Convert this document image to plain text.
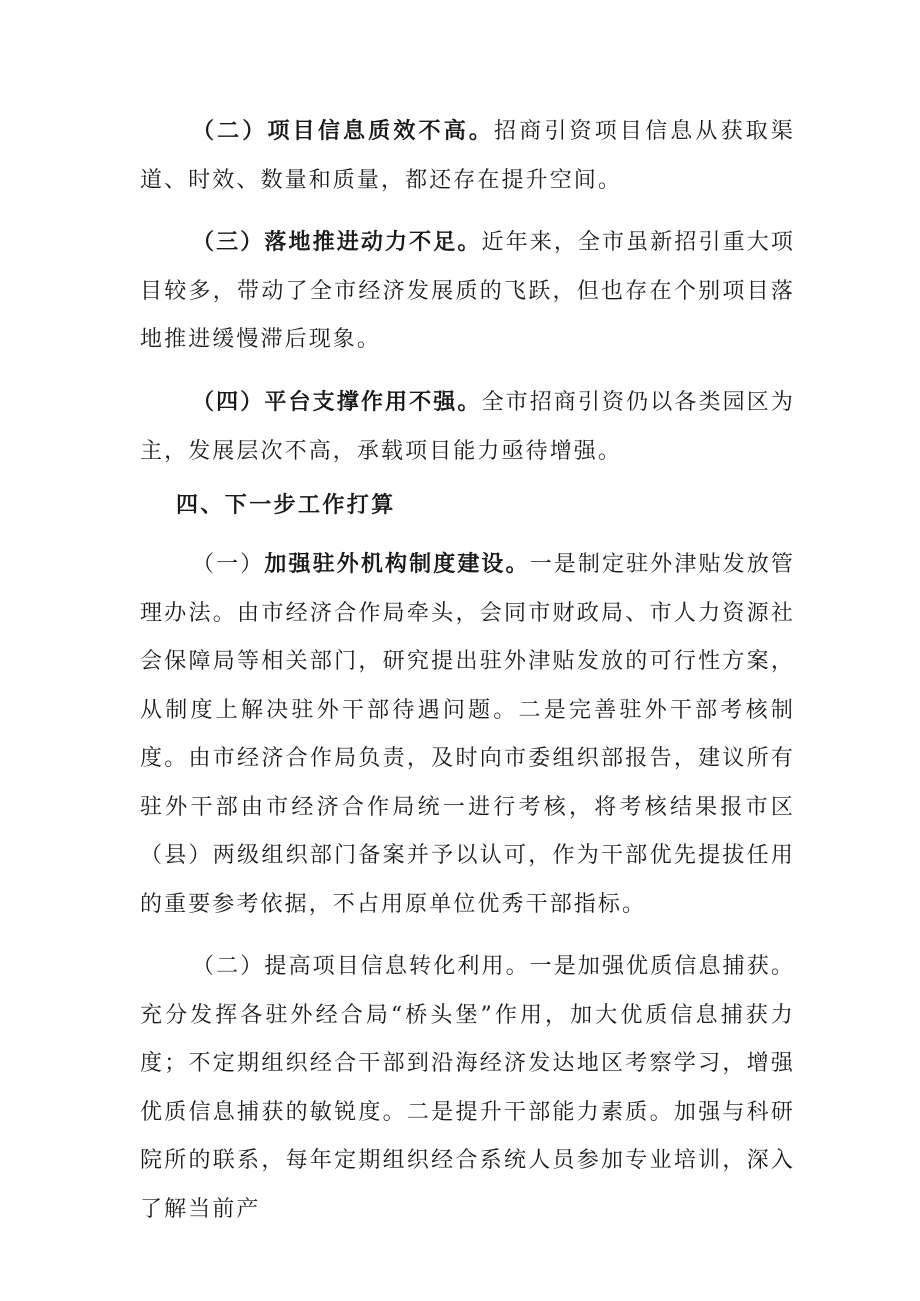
（二）项目信息质效不高。招商引资项目信息从获取渠道、时效、数量和质量，都还存在提升空间。

（三）落地推进动力不足。近年来，全市虽新招引重大项目较多，带动了全市经济发展质的飞跃，但也存在个别项目落地推进缓慢滞后现象。

（四）平台支撑作用不强。全市招商引资仍以各类园区为主，发展层次不高，承载项目能力亟待增强。

四、下一步工作打算

（一）加强驻外机构制度建设。一是制定驻外津贴发放管理办法。由市经济合作局牵头，会同市财政局、市人力资源社会保障局等相关部门，研究提出驻外津贴发放的可行性方案，从制度上解决驻外干部待遇问题。二是完善驻外干部考核制度。由市经济合作局负责，及时向市委组织部报告，建议所有驻外干部由市经济合作局统一进行考核，将考核结果报市区（县）两级组织部门备案并予以认可，作为干部优先提拔任用的重要参考依据，不占用原单位优秀干部指标。

（二）提高项目信息转化利用。一是加强优质信息捕获。充分发挥各驻外经合局“桥头堡”作用，加大优质信息捕获力度；不定期组织经合干部到沿海经济发达地区考察学习，增强优质信息捕获的敏锐度。二是提升干部能力素质。加强与科研院所的联系，每年定期组织经合系统人员参加专业培训，深入了解当前产
